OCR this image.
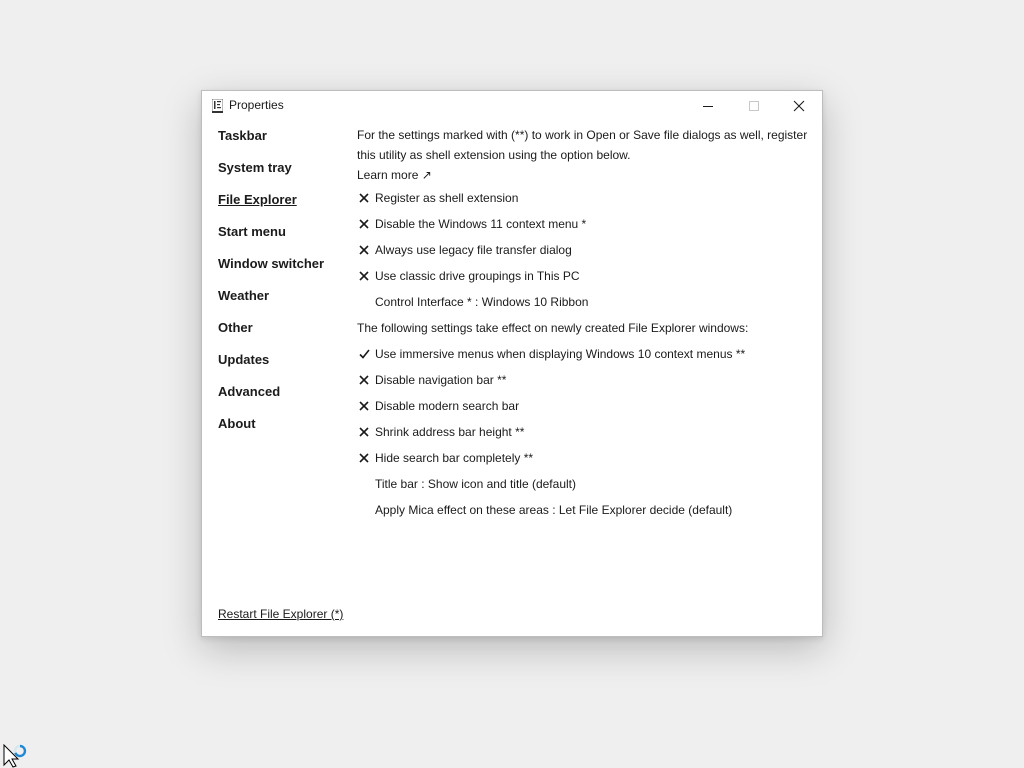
Properties
Taskbar
System tray
File Explorer
Start menu
Window switcher
Weather
Other
Updates
Advanced
About
For the settings marked with (**) to work in Open or Save file dialogs as well, register this utility as shell extension using the option below.
Learn more ↗
Register as shell extension
Disable the Windows 11 context menu *
Always use legacy file transfer dialog
Use classic drive groupings in This PC
Control Interface * : Windows 10 Ribbon
The following settings take effect on newly created File Explorer windows:
Use immersive menus when displaying Windows 10 context menus **
Disable navigation bar **
Disable modern search bar
Shrink address bar height **
Hide search bar completely **
Title bar : Show icon and title (default)
Apply Mica effect on these areas : Let File Explorer decide (default)
Restart File Explorer (*)
